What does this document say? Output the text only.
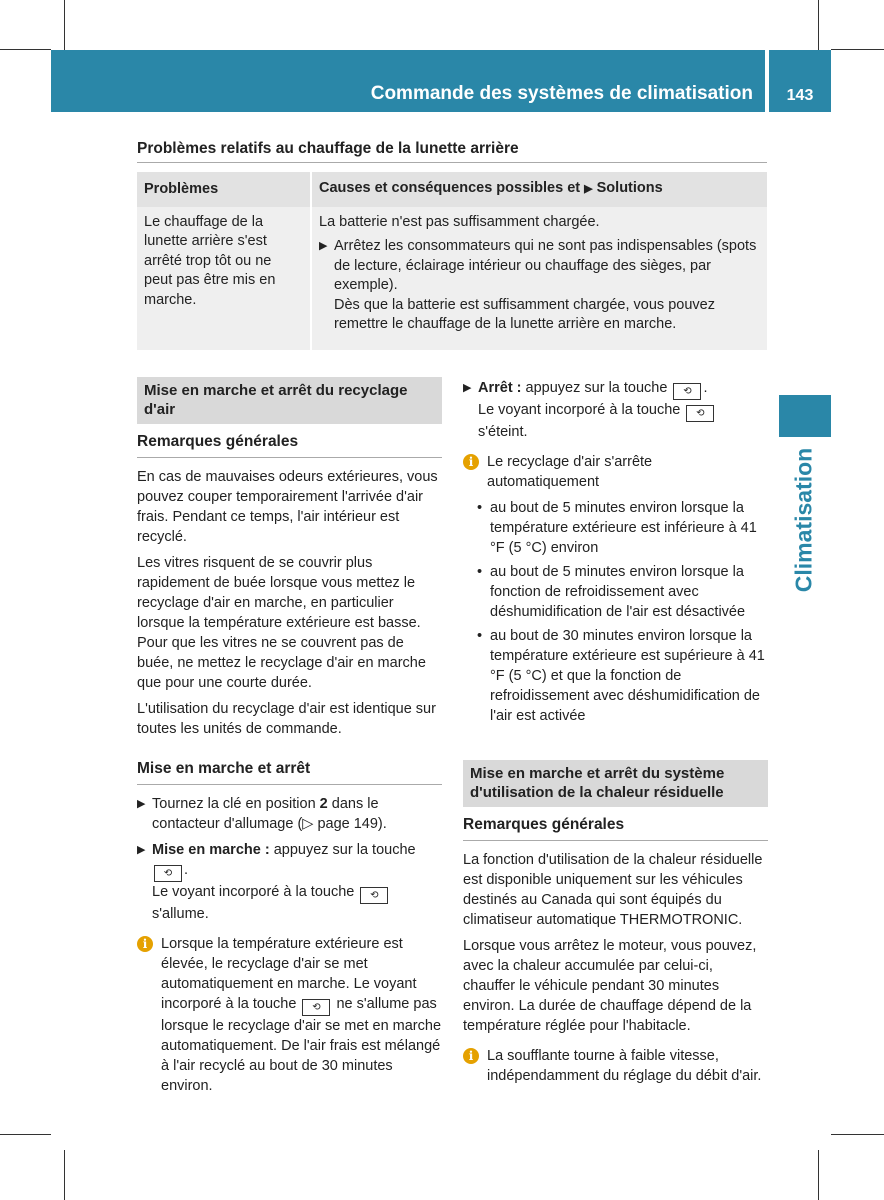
Commande des systèmes de climatisation	143
Climatisation
Problèmes relatifs au chauffage de la lunette arrière
Problèmes	Causes et conséquences possibles et ▶ Solutions
Le chauffage de la lunette arrière s'est arrêté trop tôt ou ne peut pas être mis en marche.	La batterie n'est pas suffisamment chargée.
▶ Arrêtez les consommateurs qui ne sont pas indispensables (spots de lecture, éclairage intérieur ou chauffage des sièges, par exemple).
Dès que la batterie est suffisamment chargée, vous pouvez remettre le chauffage de la lunette arrière en marche.
Mise en marche et arrêt du recyclage d'air
Remarques générales

En cas de mauvaises odeurs extérieures, vous pouvez couper temporairement l'arrivée d'air frais. Pendant ce temps, l'air intérieur est recyclé.

Les vitres risquent de se couvrir plus rapidement de buée lorsque vous mettez le recyclage d'air en marche, en particulier lorsque la température extérieure est basse. Pour que les vitres ne se couvrent pas de buée, ne mettez le recyclage d'air en marche que pour une courte durée.

L'utilisation du recyclage d'air est identique sur toutes les unités de commande.

Mise en marche et arrêt
▶ Tournez la clé en position 2 dans le contacteur d'allumage (▷ page 149).
▶ Mise en marche : appuyez sur la touche ⟲ .
Le voyant incorporé à la touche ⟲ s'allume.
i Lorsque la température extérieure est élevée, le recyclage d'air se met automatiquement en marche. Le voyant incorporé à la touche ⟲ ne s'allume pas lorsque le recyclage d'air se met en marche automatiquement. De l'air frais est mélangé à l'air recyclé au bout de 30 minutes environ.
▶ Arrêt : appuyez sur la touche ⟲ .
Le voyant incorporé à la touche ⟲
s'éteint.
i Le recyclage d'air s'arrête automatiquement
• au bout de 5 minutes environ lorsque la température extérieure est inférieure à 41 °F (5 °C) environ
• au bout de 5 minutes environ lorsque la fonction de refroidissement avec déshumidification de l'air est désactivée
• au bout de 30 minutes environ lorsque la température extérieure est supérieure à 41 °F (5 °C) et que la fonction de refroidissement avec déshumidification de l'air est activée
Mise en marche et arrêt du système d'utilisation de la chaleur résiduelle
Remarques générales

La fonction d'utilisation de la chaleur résiduelle est disponible uniquement sur les véhicules destinés au Canada qui sont équipés du climatiseur automatique THERMOTRONIC.

Lorsque vous arrêtez le moteur, vous pouvez, avec la chaleur accumulée par celui-ci, chauffer le véhicule pendant 30 minutes environ. La durée de chauffage dépend de la température réglée pour l'habitacle.

i La soufflante tourne à faible vitesse, indépendamment du réglage du débit d'air.
